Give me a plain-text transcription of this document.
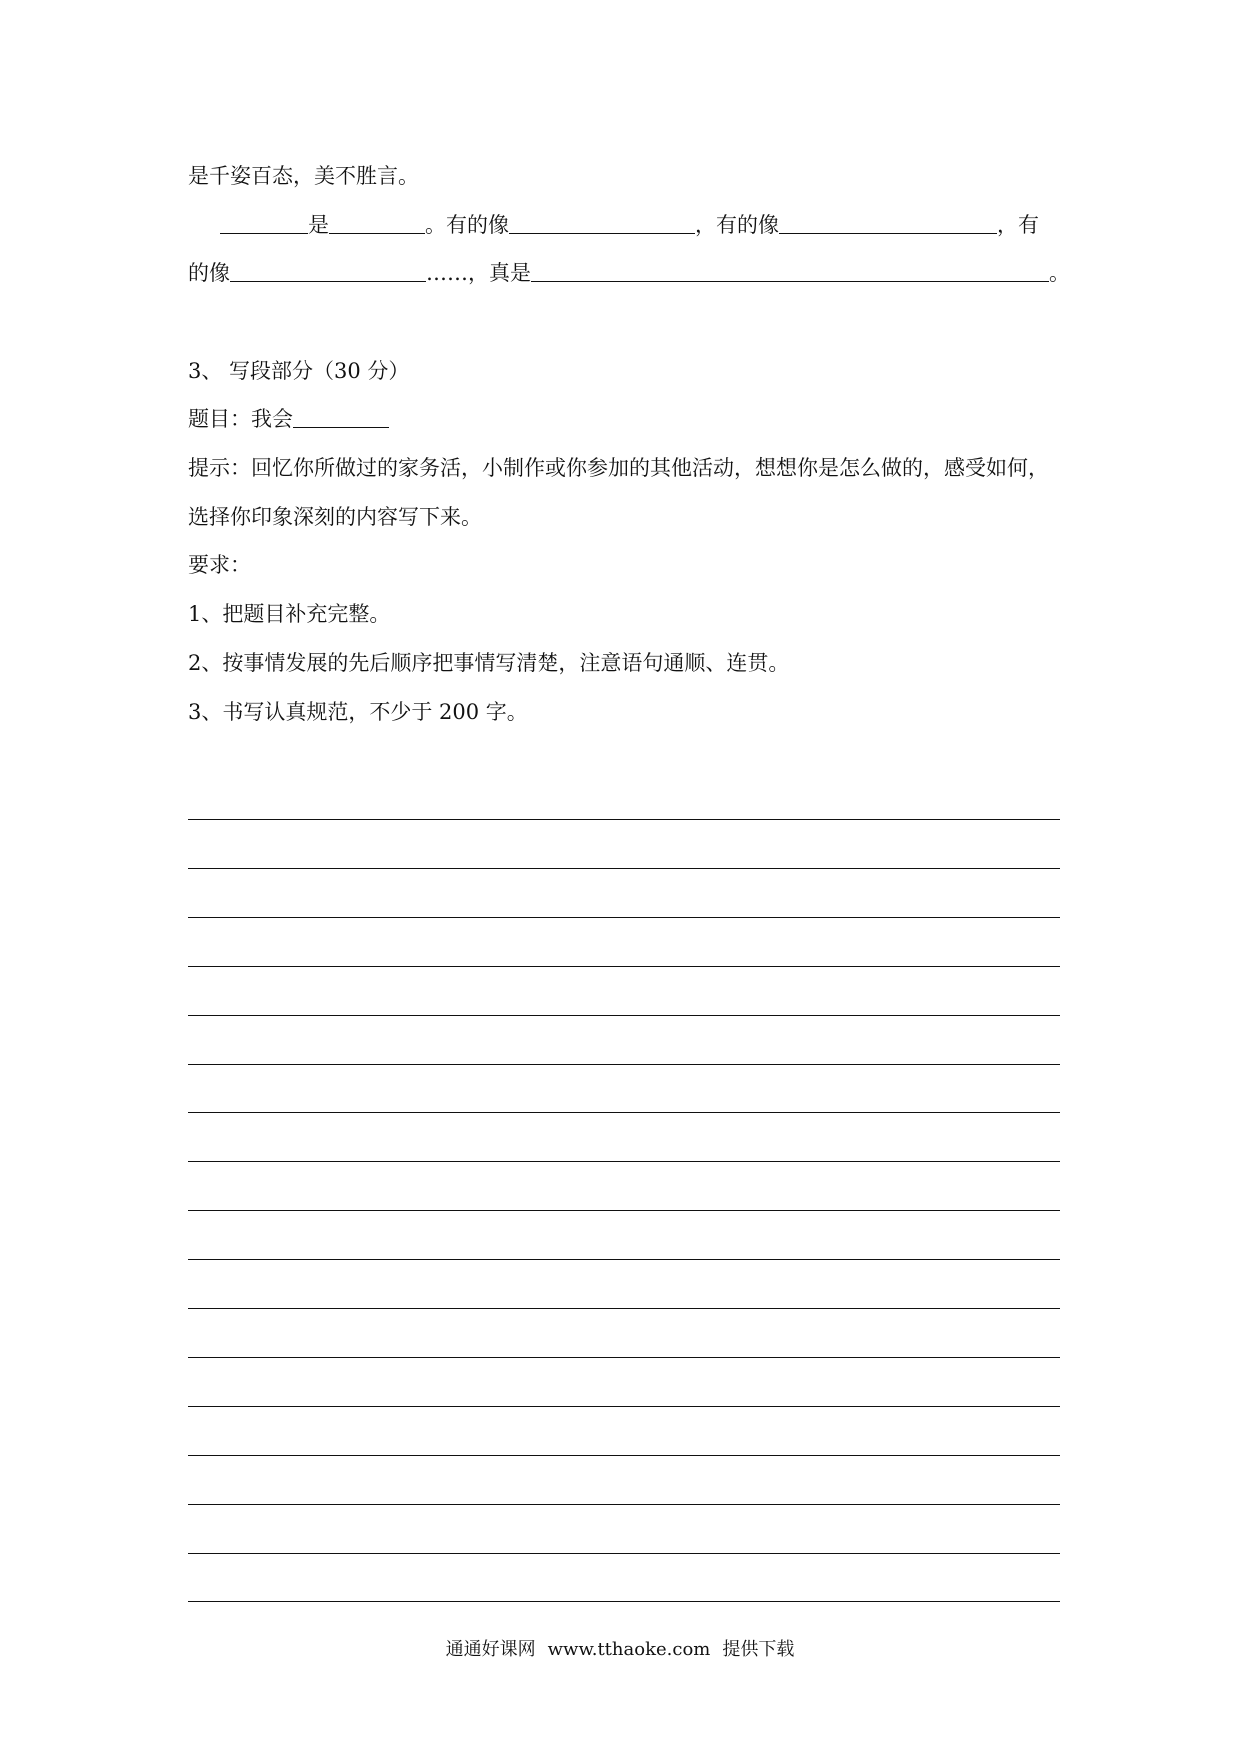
是千姿百态，美不胜言。
是	。有的像	，有的像	，有
的像	……，真是	。
3、 写段部分（30 分）
题目：我会
提示：回忆你所做过的家务活，小制作或你参加的其他活动，想想你是怎么做的，感受如何，
选择你印象深刻的内容写下来。
要求：
1、把题目补充完整。
2、按事情发展的先后顺序把事情写清楚，注意语句通顺、连贯。
3、书写认真规范，不少于 200 字。
通通好课网 www.tthaoke.com 提供下载
